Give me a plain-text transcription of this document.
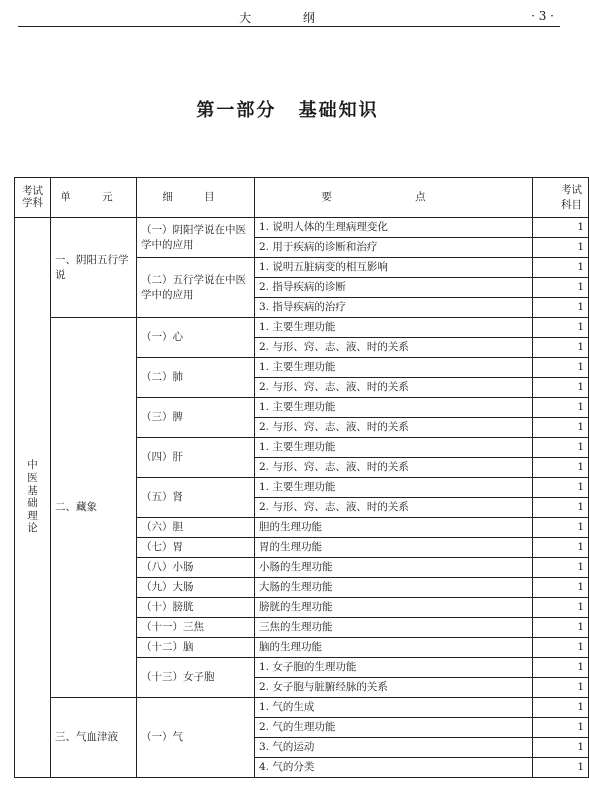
大 纲	· 3 ·
第一部分 基础知识
考试学科	单 元	细 目	要 点	考试科目
中医基础理论	一、阴阳五行学说	（一）阴阳学说在中医学中的应用	1. 说明人体的生理病理变化	1
			2. 用于疾病的诊断和治疗	1
		（二）五行学说在中医学中的应用	1. 说明五脏病变的相互影响	1
			2. 指导疾病的诊断	1
			3. 指导疾病的治疗	1
	二、藏象	（一）心	1. 主要生理功能	1
			2. 与形、窍、志、液、时的关系	1
		（二）肺	1. 主要生理功能	1
			2. 与形、窍、志、液、时的关系	1
		（三）脾	1. 主要生理功能	1
			2. 与形、窍、志、液、时的关系	1
		（四）肝	1. 主要生理功能	1
			2. 与形、窍、志、液、时的关系	1
		（五）肾	1. 主要生理功能	1
			2. 与形、窍、志、液、时的关系	1
		（六）胆	胆的生理功能	1
		（七）胃	胃的生理功能	1
		（八）小肠	小肠的生理功能	1
		（九）大肠	大肠的生理功能	1
		（十）膀胱	膀胱的生理功能	1
		（十一）三焦	三焦的生理功能	1
		（十二）脑	脑的生理功能	1
		（十三）女子胞	1. 女子胞的生理功能	1
			2. 女子胞与脏腑经脉的关系	1
	三、气血津液	（一）气	1. 气的生成	1
			2. 气的生理功能	1
			3. 气的运动	1
			4. 气的分类	1
